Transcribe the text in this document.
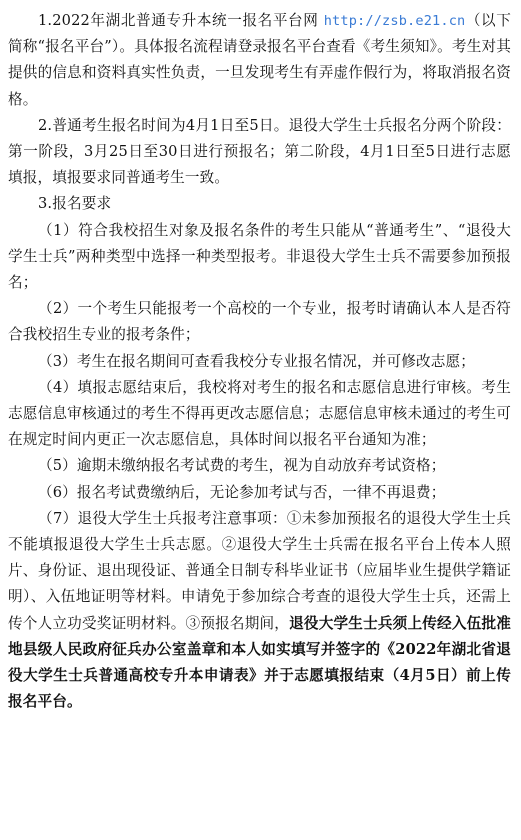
1.2022年湖北普通专升本统一报名平台网 http://zsb.e21.cn（以下简称“报名平台”）。具体报名流程请登录报名平台查看《考生须知》。考生对其提供的信息和资料真实性负责，一旦发现考生有弄虚作假行为，将取消报名资格。

2.普通考生报名时间为4月1日至5日。退役大学生士兵报名分两个阶段：第一阶段，3月25日至30日进行预报名；第二阶段，4月1日至5日进行志愿填报，填报要求同普通考生一致。

3.报名要求

（1）符合我校招生对象及报名条件的考生只能从“普通考生”、“退役大学生士兵”两种类型中选择一种类型报考。非退役大学生士兵不需要参加预报名；

（2）一个考生只能报考一个高校的一个专业，报考时请确认本人是否符合我校招生专业的报考条件；

（3）考生在报名期间可查看我校分专业报名情况，并可修改志愿；

（4）填报志愿结束后，我校将对考生的报名和志愿信息进行审核。考生志愿信息审核通过的考生不得再更改志愿信息；志愿信息审核未通过的考生可在规定时间内更正一次志愿信息，具体时间以报名平台通知为准；

（5）逾期未缴纳报名考试费的考生，视为自动放弃考试资格；

（6）报名考试费缴纳后，无论参加考试与否，一律不再退费；

（7）退役大学生士兵报考注意事项：①未参加预报名的退役大学生士兵不能填报退役大学生士兵志愿。②退役大学生士兵需在报名平台上传本人照片、身份证、退出现役证、普通全日制专科毕业证书（应届毕业生提供学籍证明）、入伍地证明等材料。申请免于参加综合考查的退役大学生士兵，还需上传个人立功受奖证明材料。③预报名期间，退役大学生士兵须上传经入伍批准地县级人民政府征兵办公室盖章和本人如实填写并签字的《2022年湖北省退役大学生士兵普通高校专升本申请表》并于志愿填报结束（4月5日）前上传报名平台。
